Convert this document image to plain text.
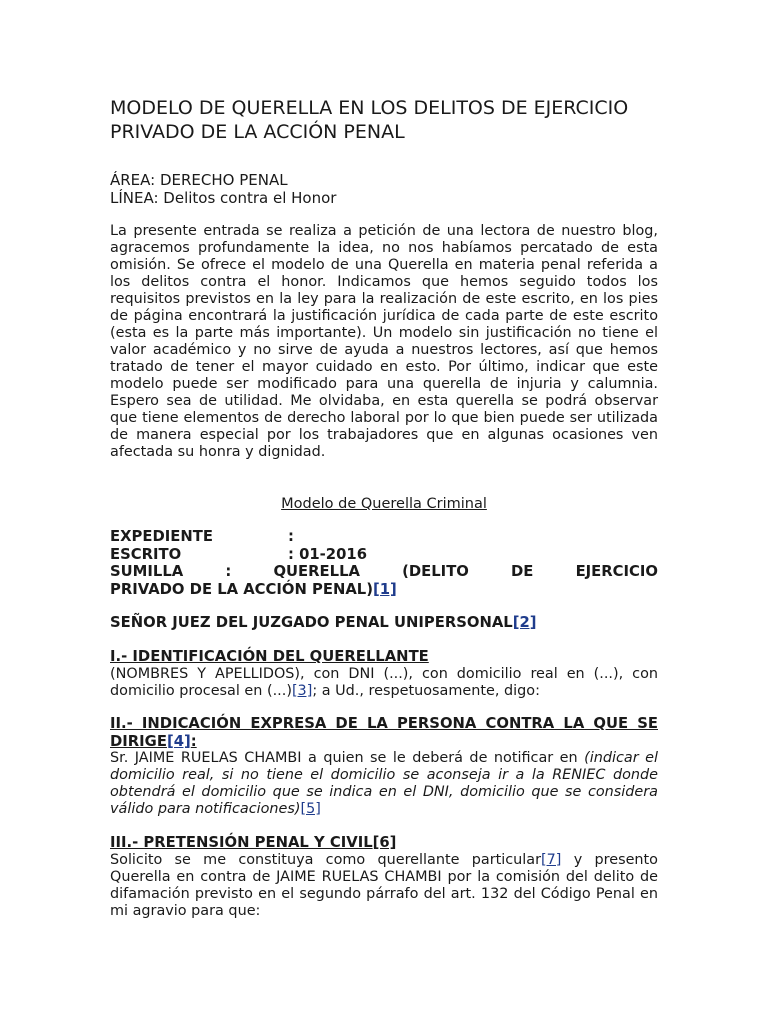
MODELO DE QUERELLA EN LOS DELITOS DE EJERCICIO PRIVADO DE LA ACCIÓN PENAL
ÁREA: DERECHO PENAL
LÍNEA: Delitos contra el Honor

La presente entrada se realiza a petición de una lectora de nuestro blog, agracemos profundamente la idea, no nos habíamos percatado de esta omisión. Se ofrece el modelo de una Querella en materia penal referida a los delitos contra el honor. Indicamos que hemos seguido todos los requisitos previstos en la ley para la realización de este escrito, en los pies de página encontrará la justificación jurídica de cada parte de este escrito (esta es la parte más importante). Un modelo sin justificación no tiene el valor académico y no sirve de ayuda a nuestros lectores, así que hemos tratado de tener el mayor cuidado en esto. Por último, indicar que este modelo puede ser modificado para una querella de injuria y calumnia. Espero sea de utilidad. Me olvidaba, en esta querella se podrá observar que tiene elementos de derecho laboral por lo que bien puede ser utilizada de manera especial por los trabajadores que en algunas ocasiones ven afectada su honra y dignidad.

Modelo de Querella Criminal
EXPEDIENTE	:
ESCRITO	: 01-2016
SUMILLA : QUERELLA (DELITO DE EJERCICIO
PRIVADO DE LA ACCIÓN PENAL)[1]
SEÑOR JUEZ DEL JUZGADO PENAL UNIPERSONAL[2]
I.- IDENTIFICACIÓN DEL QUERELLANTE

(NOMBRES Y APELLIDOS), con DNI (...), con domicilio real en (...), con domicilio procesal en (...)[3]; a Ud., respetuosamente, digo:

II.- INDICACIÓN EXPRESA DE LA PERSONA CONTRA LA QUE SE
DIRIGE[4]:

Sr. JAIME RUELAS CHAMBI a quien se le deberá de notificar en (indicar el domicilio real, si no tiene el domicilio se aconseja ir a la RENIEC donde obtendrá el domicilio que se indica en el DNI, domicilio que se considera válido para notificaciones)[5]

III.- PRETENSIÓN PENAL Y CIVIL[6]

Solicito se me constituya como querellante particular[7] y presento Querella en contra de JAIME RUELAS CHAMBI por la comisión del delito de difamación previsto en el segundo párrafo del art. 132 del Código Penal en mi agravio para que:
